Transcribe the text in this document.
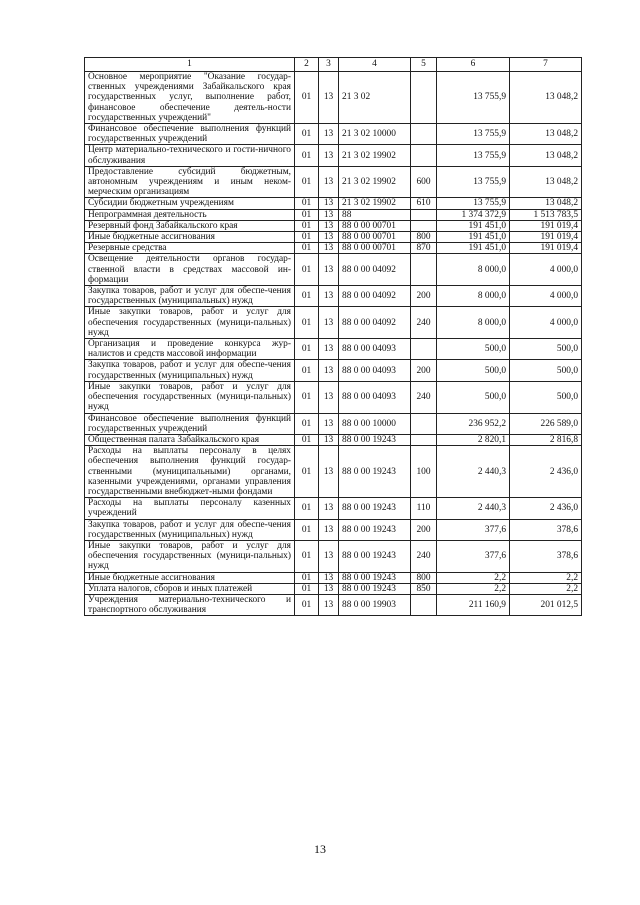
1	2	3	4	5	6	7
Основное мероприятие "Оказание государ-ственных учреждениями Забайкальского края государственных услуг, выполнение работ, финансовое обеспечение деятель-ности государственных учреждений"	01	13	21 3 02		13 755,9	13 048,2
Финансовое обеспечение выполнения функций государственных учреждений	01	13	21 3 02 10000		13 755,9	13 048,2
Центр материально-технического и гости-ничного обслуживания	01	13	21 3 02 19902		13 755,9	13 048,2
Предоставление субсидий бюджетным, автономным учреждениям и иным неком-мерческим организациям	01	13	21 3 02 19902	600	13 755,9	13 048,2
Субсидии бюджетным учреждениям	01	13	21 3 02 19902	610	13 755,9	13 048,2
Непрограммная деятельность	01	13	88		1 374 372,9	1 513 783,5
Резервный фонд Забайкальского края	01	13	88 0 00 00701		191 451,0	191 019,4
Иные бюджетные ассигнования	01	13	88 0 00 00701	800	191 451,0	191 019,4
Резервные средства	01	13	88 0 00 00701	870	191 451,0	191 019,4
Освещение деятельности органов государ-ственной власти в средствах массовой ин-формации	01	13	88 0 00 04092		8 000,0	4 000,0
Закупка товаров, работ и услуг для обеспе-чения государственных (муниципальных) нужд	01	13	88 0 00 04092	200	8 000,0	4 000,0
Иные закупки товаров, работ и услуг для обеспечения государственных (муници-пальных) нужд	01	13	88 0 00 04092	240	8 000,0	4 000,0
Организация и проведение конкурса жур-налистов и средств массовой информации	01	13	88 0 00 04093		500,0	500,0
Закупка товаров, работ и услуг для обеспе-чения государственных (муниципальных) нужд	01	13	88 0 00 04093	200	500,0	500,0
Иные закупки товаров, работ и услуг для обеспечения государственных (муници-пальных) нужд	01	13	88 0 00 04093	240	500,0	500,0
Финансовое обеспечение выполнения функций государственных учреждений	01	13	88 0 00 10000		236 952,2	226 589,0
Общественная палата Забайкальского края	01	13	88 0 00 19243		2 820,1	2 816,8
Расходы на выплаты персоналу в целях обеспечения выполнения функций государ-ственными (муниципальными) органами, казенными учреждениями, органами управления государственными внебюджет-ными фондами	01	13	88 0 00 19243	100	2 440,3	2 436,0
Расходы на выплаты персоналу казенных учреждений	01	13	88 0 00 19243	110	2 440,3	2 436,0
Закупка товаров, работ и услуг для обеспе-чения государственных (муниципальных) нужд	01	13	88 0 00 19243	200	377,6	378,6
Иные закупки товаров, работ и услуг для обеспечения государственных (муници-пальных) нужд	01	13	88 0 00 19243	240	377,6	378,6
Иные бюджетные ассигнования	01	13	88 0 00 19243	800	2,2	2,2
Уплата налогов, сборов и иных платежей	01	13	88 0 00 19243	850	2,2	2,2
Учреждения материально-технического и транспортного обслуживания	01	13	88 0 00 19903		211 160,9	201 012,5
13
